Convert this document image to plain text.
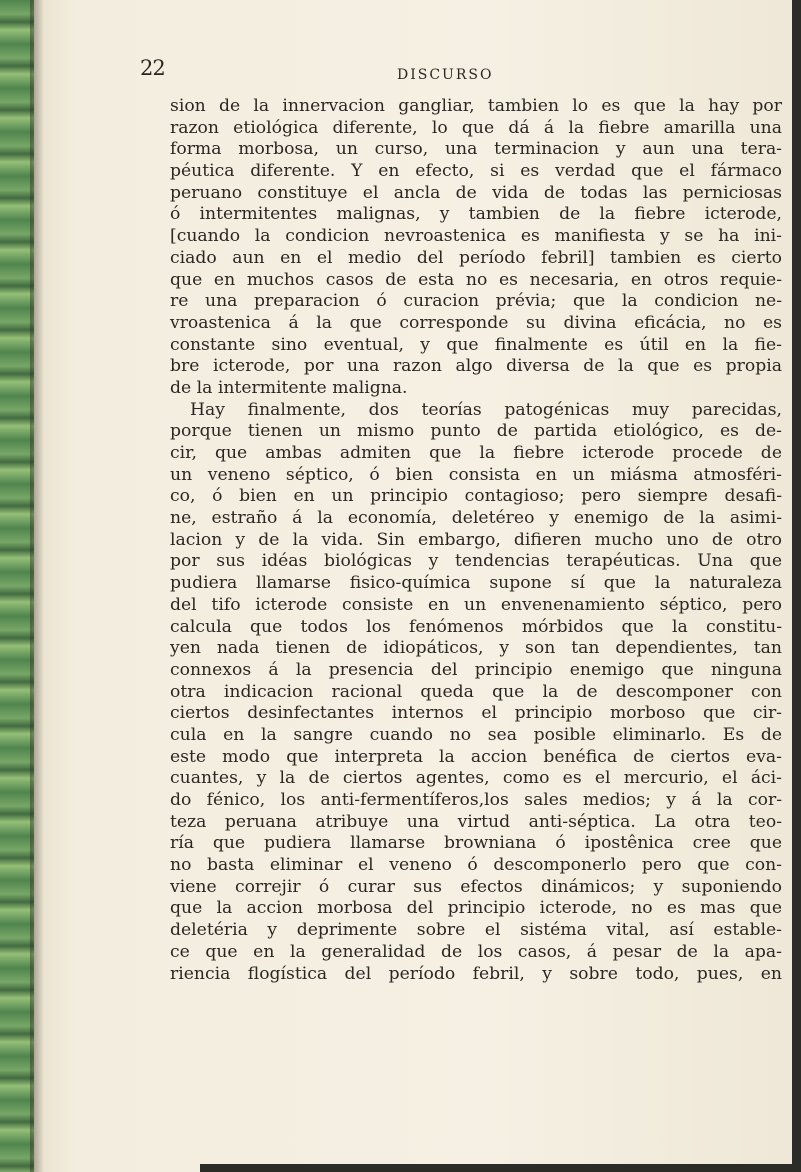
22	DISCURSO
sion de la innervacion gangliar, tambien lo es que la hay por
razon etiológica diferente, lo que dá á la fiebre amarilla una
forma morbosa, un curso, una terminacion y aun una tera-
péutica diferente. Y en efecto, si es verdad que el fármaco
peruano constituye el ancla de vida de todas las perniciosas
ó intermitentes malignas, y tambien de la fiebre icterode,
[cuando la condicion nevroastenica es manifiesta y se ha ini-
ciado aun en el medio del período febril] tambien es cierto
que en muchos casos de esta no es necesaria, en otros requie-
re una preparacion ó curacion prévia; que la condicion ne-
vroastenica á la que corresponde su divina eficácia, no es
constante sino eventual, y que finalmente es útil en la fie-
bre icterode, por una razon algo diversa de la que es propia
de la intermitente maligna.
Hay finalmente, dos teorías patogénicas muy parecidas,
porque tienen un mismo punto de partida etiológico, es de-
cir, que ambas admiten que la fiebre icterode procede de
un veneno séptico, ó bien consista en un miásma atmosféri-
co, ó bien en un principio contagioso; pero siempre desafi-
ne, estraño á la economía, deletéreo y enemigo de la asimi-
lacion y de la vida. Sin embargo, difieren mucho uno de otro
por sus idéas biológicas y tendencias terapéuticas. Una que
pudiera llamarse fisico-química supone sí que la naturaleza
del tifo icterode consiste en un envenenamiento séptico, pero
calcula que todos los fenómenos mórbidos que la constitu-
yen nada tienen de idiopáticos, y son tan dependientes, tan
connexos á la presencia del principio enemigo que ninguna
otra indicacion racional queda que la de descomponer con
ciertos desinfectantes internos el principio morboso que cir-
cula en la sangre cuando no sea posible eliminarlo. Es de
este modo que interpreta la accion benéfica de ciertos eva-
cuantes, y la de ciertos agentes, como es el mercurio, el áci-
do fénico, los anti-fermentíferos,los sales medios; y á la cor-
teza peruana atribuye una virtud anti-séptica. La otra teo-
ría que pudiera llamarse browniana ó ipostênica cree que
no basta eliminar el veneno ó descomponerlo pero que con-
viene correjir ó curar sus efectos dinámicos; y suponiendo
que la accion morbosa del principio icterode, no es mas que
deletéria y deprimente sobre el sistéma vital, así estable-
ce que en la generalidad de los casos, á pesar de la apa-
riencia flogística del período febril, y sobre todo, pues, en
